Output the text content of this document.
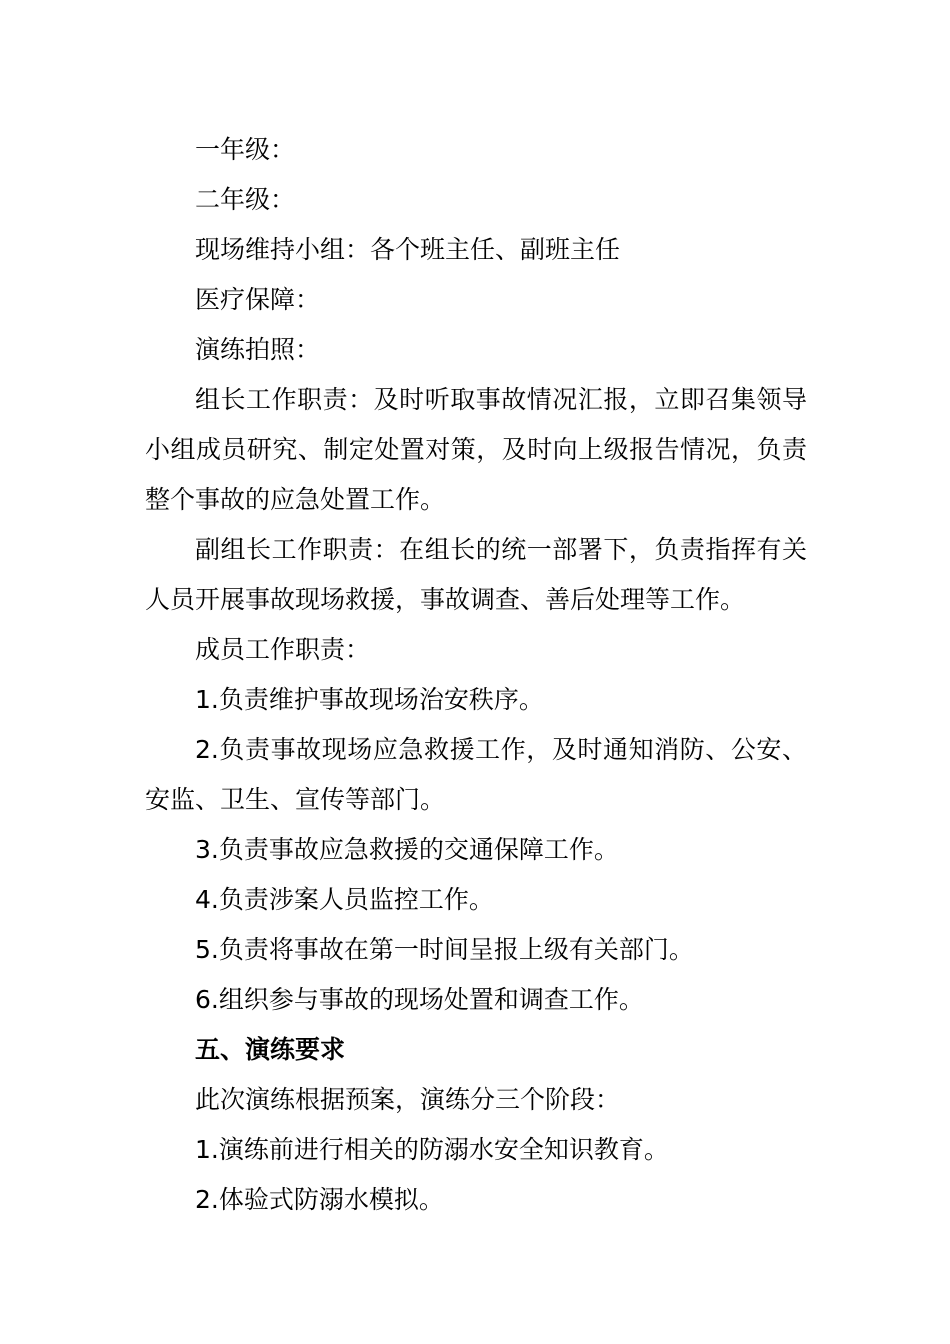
一年级：

二年级：

现场维持小组：各个班主任、副班主任

医疗保障：

演练拍照：

组长工作职责：及时听取事故情况汇报，立即召集领导小组成员研究、制定处置对策，及时向上级报告情况，负责整个事故的应急处置工作。

副组长工作职责：在组长的统一部署下，负责指挥有关人员开展事故现场救援，事故调查、善后处理等工作。

成员工作职责：

1.负责维护事故现场治安秩序。

2.负责事故现场应急救援工作，及时通知消防、公安、安监、卫生、宣传等部门。

3.负责事故应急救援的交通保障工作。

4.负责涉案人员监控工作。

5.负责将事故在第一时间呈报上级有关部门。

6.组织参与事故的现场处置和调查工作。

五、演练要求

此次演练根据预案，演练分三个阶段：

1.演练前进行相关的防溺水安全知识教育。

2.体验式防溺水模拟。
